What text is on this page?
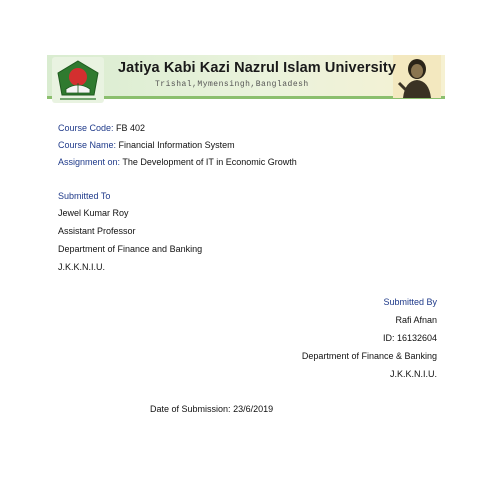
Jatiya Kabi Kazi Nazrul Islam University
Trishal,Mymensingh,Bangladesh
Course Code: FB 402
Course Name: Financial Information System
Assignment on: The Development of IT in Economic Growth
Submitted To
Jewel Kumar Roy
Assistant Professor
Department of Finance and Banking
J.K.K.N.I.U.
Submitted By
Rafi Afnan
ID: 16132604
Department of Finance & Banking
J.K.K.N.I.U.
Date of Submission: 23/6/2019
